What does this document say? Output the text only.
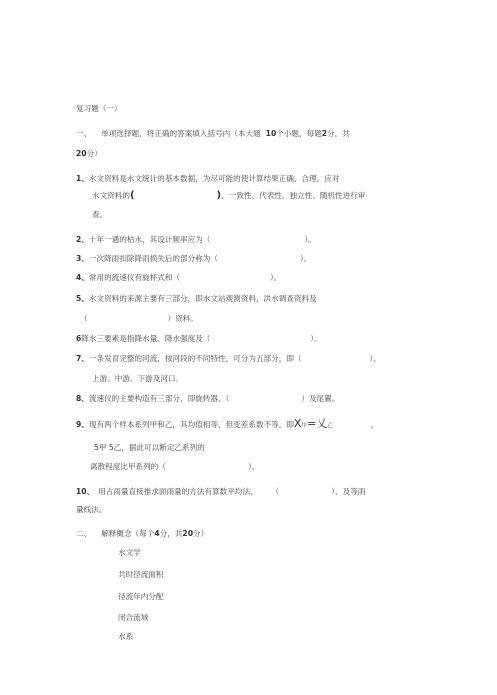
复习题（一）
一、 单项选择题，将正确的答案填入括号内（本大题 10个小题，每题2分，共
20分）
1、水文资料是水文统计的基本数据，为尽可能的使计算结果正确、合理，应对
水文资料的(	)、一致性、代表性、独立性、随机性进行审
查。
2、十年一遇的枯水，其设计频率应为（	）。
3、一次降雨扣除降雨损失后的部分称为（	）。
4、常用的流速仪有旋杯式和（	）。
5、水文资料的来源主要有三部分，即水文站观测资料，洪水调查资料及
（	）资料。
6降水三要素是指降水量、降水强度及（	）。
7、一条发育完整的河流，按河段的不同特性，可分为五部分，即（	）、
上游、中游、下游及河口。
8、流速仪的主要构造有三部分，即旋转器、（	）及尾翼。
9、现有两个样本系列甲和乙，其均值相等，但变差系数不等，即X甲=乂乙	，
5甲 5乙，据此可以断定乙系列的
离散程度比甲系列的（	）。
10、 用占雨量直接推求面雨量的方法有算数平均法、 （	）、及等雨
量线法。
二、 解释概念（每个4分，共20分）
水文学
共时径流面积
径流年内分配
闭合流域
水系
